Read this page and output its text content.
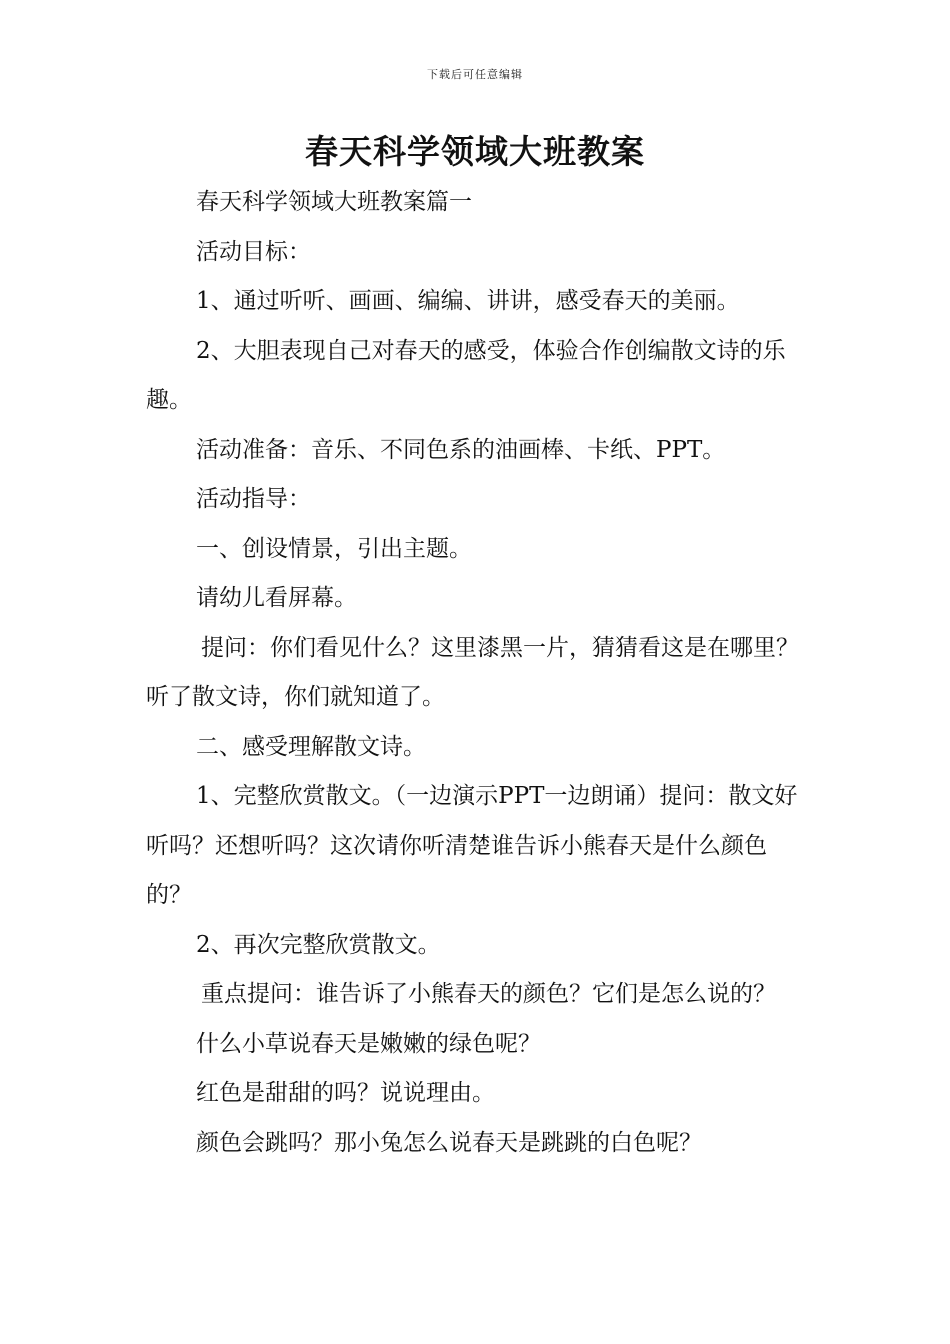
下载后可任意编辑
春天科学领域大班教案

春天科学领域大班教案篇一

活动目标：

1、通过听听、画画、编编、讲讲，感受春天的美丽。

2、大胆表现自己对春天的感受，体验合作创编散文诗的乐趣。

活动准备：音乐、不同色系的油画棒、卡纸、PPT。

活动指导：

一、创设情景，引出主题。

请幼儿看屏幕。

提问：你们看见什么？这里漆黑一片，猜猜看这是在哪里？听了散文诗，你们就知道了。

二、感受理解散文诗。

1、完整欣赏散文。（一边演示PPT一边朗诵）提问：散文好听吗？还想听吗？这次请你听清楚谁告诉小熊春天是什么颜色的？

2、再次完整欣赏散文。

重点提问：谁告诉了小熊春天的颜色？它们是怎么说的？

什么小草说春天是嫩嫩的绿色呢？

红色是甜甜的吗？说说理由。

颜色会跳吗？那小兔怎么说春天是跳跳的白色呢？
